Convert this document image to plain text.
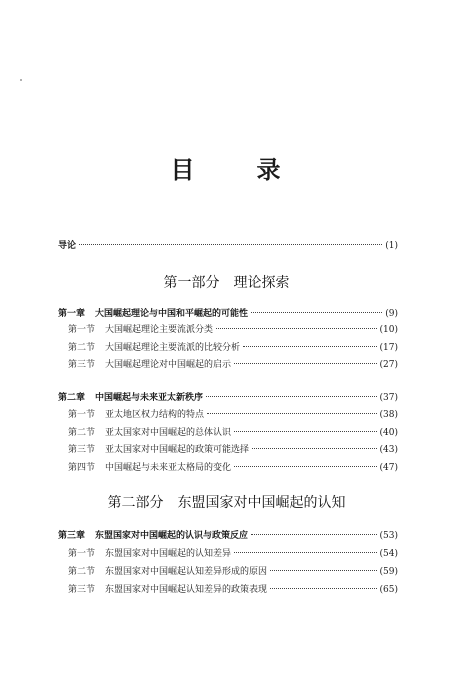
目	录
导论	(1)
第一部分　理论探索
第一章 大国崛起理论与中国和平崛起的可能性	(9)
第一节 大国崛起理论主要流派分类	(10)
第二节 大国崛起理论主要流派的比较分析	(17)
第三节 大国崛起理论对中国崛起的启示	(27)
第二章 中国崛起与未来亚太新秩序	(37)
第一节 亚太地区权力结构的特点	(38)
第二节 亚太国家对中国崛起的总体认识	(40)
第三节 亚太国家对中国崛起的政策可能选择	(43)
第四节 中国崛起与未来亚太格局的变化	(47)
第二部分　东盟国家对中国崛起的认知
第三章 东盟国家对中国崛起的认识与政策反应	(53)
第一节 东盟国家对中国崛起的认知差异	(54)
第二节 东盟国家对中国崛起认知差异形成的原因	(59)
第三节 东盟国家对中国崛起认知差异的政策表现	(65)
